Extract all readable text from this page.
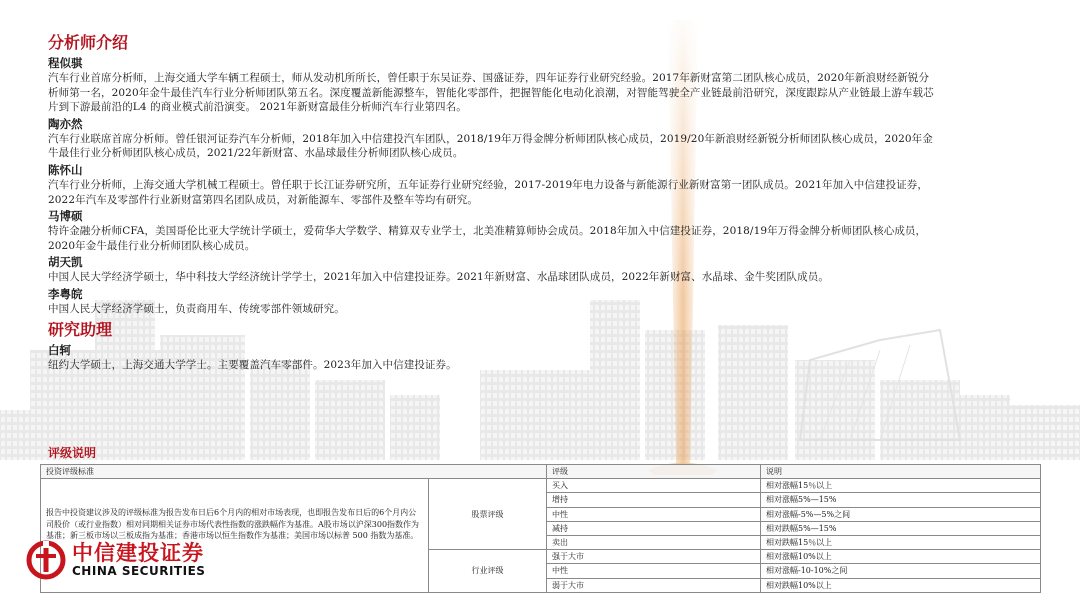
分析师介绍
程似骐
汽车行业首席分析师，上海交通大学车辆工程硕士，师从发动机所所长，曾任职于东吴证券、国盛证券，四年证券行业研究经验。2017年新财富第二团队核心成员，2020年新浪财经新锐分析师第一名，2020年金牛最佳汽车行业分析师团队第五名。深度覆盖新能源整车，智能化零部件，把握智能化电动化浪潮，对智能驾驶全产业链最前沿研究，深度跟踪从产业链最上游车载芯片到下游最前沿的L4 的商业模式前沿演变。 2021年新财富最佳分析师汽车行业第四名。
陶亦然
汽车行业联席首席分析师。曾任银河证券汽车分析师，2018年加入中信建投汽车团队，2018/19年万得金牌分析师团队核心成员，2019/20年新浪财经新锐分析师团队核心成员，2020年金牛最佳行业分析师团队核心成员，2021/22年新财富、水晶球最佳分析师团队核心成员。
陈怀山
汽车行业分析师，上海交通大学机械工程硕士。曾任职于长江证券研究所，五年证券行业研究经验，2017-2019年电力设备与新能源行业新财富第一团队成员。2021年加入中信建投证券，2022年汽车及零部件行业新财富第四名团队成员，对新能源车、零部件及整车等均有研究。
马博硕
特许金融分析师CFA，美国哥伦比亚大学统计学硕士，爱荷华大学数学、精算双专业学士，北美准精算师协会成员。2018年加入中信建投证券，2018/19年万得金牌分析师团队核心成员，2020年金牛最佳行业分析师团队核心成员。
胡天凯
中国人民大学经济学硕士，华中科技大学经济统计学学士，2021年加入中信建投证券。2021年新财富、水晶球团队成员，2022年新财富、水晶球、金牛奖团队成员。
李粤皖
中国人民大学经济学硕士，负责商用车、传统零部件领域研究。
研究助理
白轲
纽约大学硕士，上海交通大学学士。主要覆盖汽车零部件。2023年加入中信建投证券。
评级说明
投资评级标准		评级	说明
报告中投资建议涉及的评级标准为报告发布日后6个月内的相对市场表现，也即报告发布日后的6个月内公司股价（或行业指数）相对同期相关证券市场代表性指数的涨跌幅作为基准。A股市场以沪深300指数作为基准；新三板市场以三板成指为基准；香港市场以恒生指数作为基准；美国市场以标普 500 指数为基准。	股票评级	买入	相对涨幅15％以上
		增持	相对涨幅5%—15%
		中性	相对涨幅-5%—5%之间
		减持	相对跌幅5%—15%
		卖出	相对跌幅15％以上
	行业评级	强于大市	相对涨幅10%以上
		中性	相对涨幅-10-10%之间
		弱于大市	相对跌幅10%以上
中信建投证券
CHINA SECURITIES
